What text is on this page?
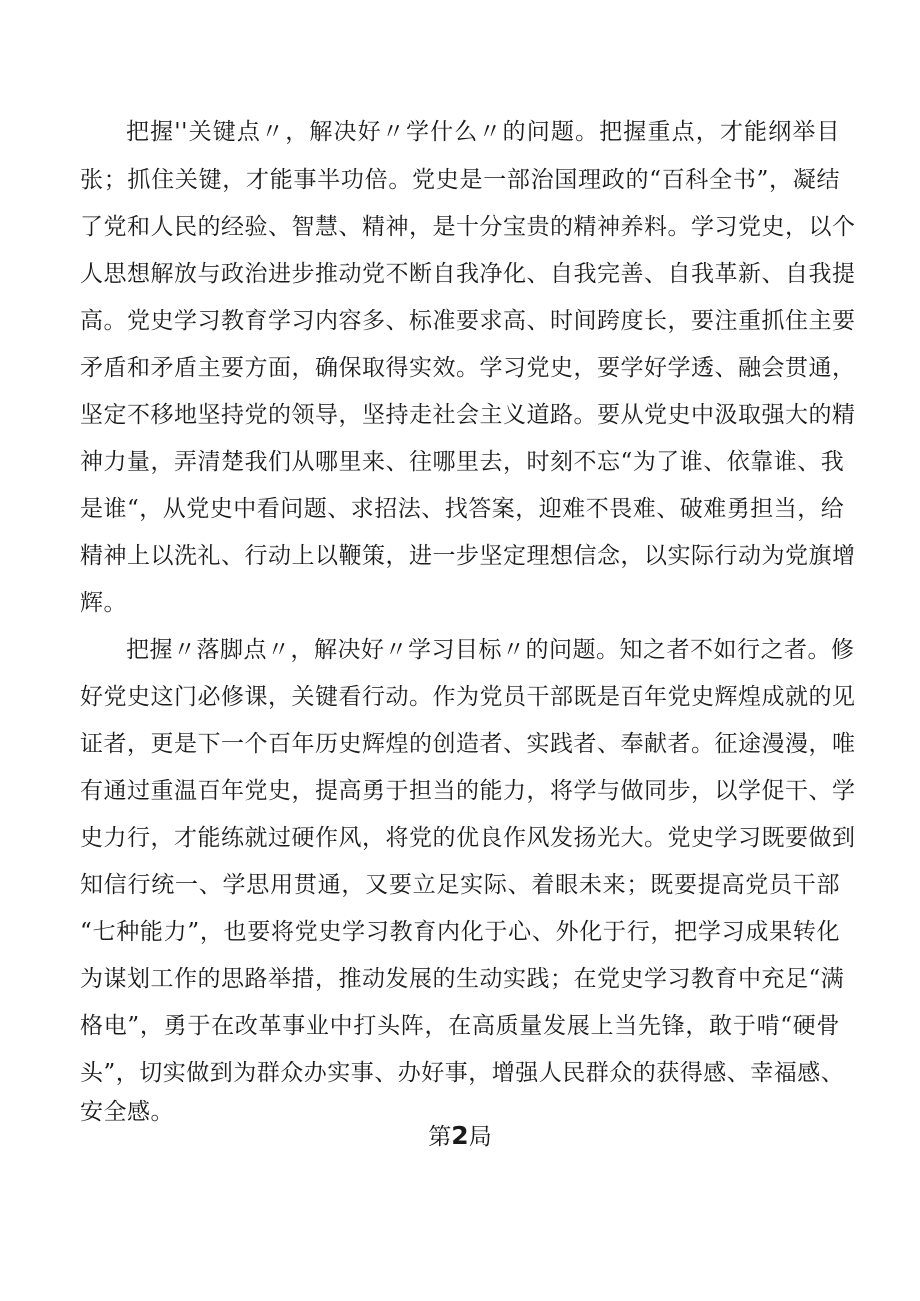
把握''关键点〃，解决好〃学什么〃的问题。把握重点，才能纲举目
张；抓住关键，才能事半功倍。党史是一部治国理政的“百科全书”，凝结
了党和人民的经验、智慧、精神，是十分宝贵的精神养料。学习党史，以个
人思想解放与政治进步推动党不断自我净化、自我完善、自我革新、自我提
高。党史学习教育学习内容多、标准要求高、时间跨度长，要注重抓住主要
矛盾和矛盾主要方面，确保取得实效。学习党史，要学好学透、融会贯通，
坚定不移地坚持党的领导，坚持走社会主义道路。要从党史中汲取强大的精
神力量，弄清楚我们从哪里来、往哪里去，时刻不忘“为了谁、依靠谁、我
是谁“，从党史中看问题、求招法、找答案，迎难不畏难、破难勇担当，给
精神上以洗礼、行动上以鞭策，进一步坚定理想信念，以实际行动为党旗增
辉。
把握〃落脚点〃，解决好〃学习目标〃的问题。知之者不如行之者。修
好党史这门必修课，关键看行动。作为党员干部既是百年党史辉煌成就的见
证者，更是下一个百年历史辉煌的创造者、实践者、奉献者。征途漫漫，唯
有通过重温百年党史，提高勇于担当的能力，将学与做同步，以学促干、学
史力行，才能练就过硬作风，将党的优良作风发扬光大。党史学习既要做到
知信行统一、学思用贯通，又要立足实际、着眼未来；既要提高党员干部
“七种能力”，也要将党史学习教育内化于心、外化于行，把学习成果转化
为谋划工作的思路举措，推动发展的生动实践；在党史学习教育中充足“满
格电”，勇于在改革事业中打头阵，在高质量发展上当先锋，敢于啃“硬骨
头”，切实做到为群众办实事、办好事，增强人民群众的获得感、幸福感、
安全感。
第2局
